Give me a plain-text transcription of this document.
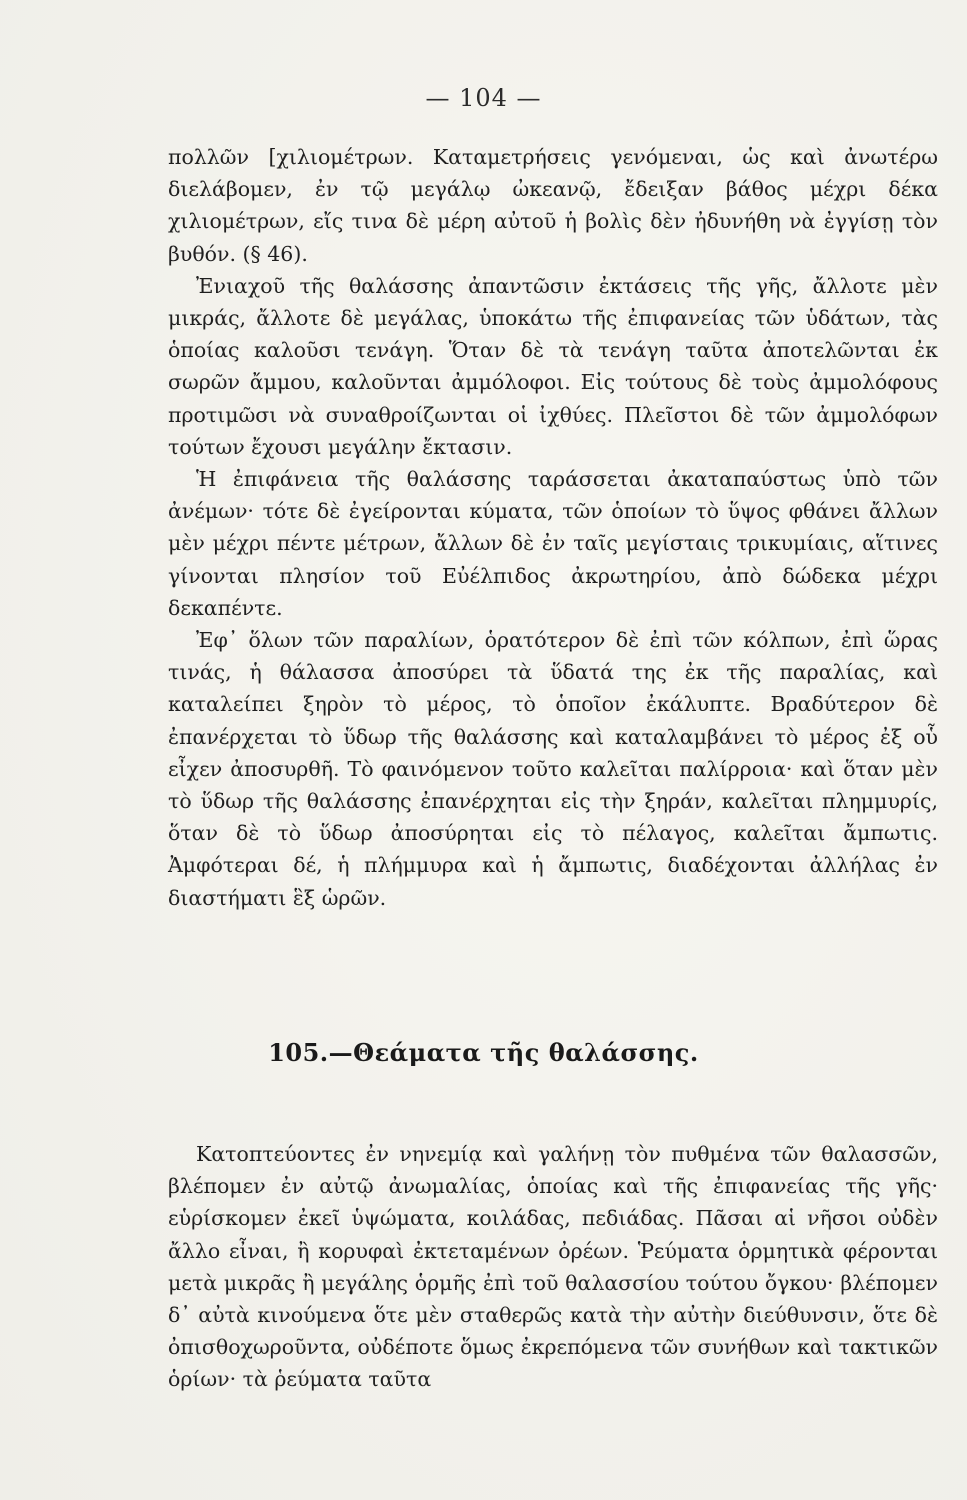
— 104 —

πολλῶν [χιλιομέτρων. Καταμετρήσεις γενόμεναι, ὡς καὶ ἀνωτέρω διελάβομεν, ἐν τῷ μεγάλῳ ὠκεανῷ, ἔδειξαν βάθος μέχρι δέκα χιλιομέτρων, εἴς τινα δὲ μέρη αὐτοῦ ἡ βολὶς δὲν ἠδυνήθη νὰ ἐγγίσῃ τὸν βυθόν. (§ 46).

Ἐνιαχοῦ τῆς θαλάσσης ἀπαντῶσιν ἐκτάσεις τῆς γῆς, ἄλλοτε μὲν μικράς, ἄλλοτε δὲ μεγάλας, ὑποκάτω τῆς ἐπιφανείας τῶν ὑδάτων, τὰς ὁποίας καλοῦσι τενάγη. Ὅταν δὲ τὰ τενάγη ταῦτα ἀποτελῶνται ἐκ σωρῶν ἄμμου, καλοῦνται ἀμμόλοφοι. Εἰς τούτους δὲ τοὺς ἀμμολόφους προτιμῶσι νὰ συναθροίζωνται οἱ ἰχθύες. Πλεῖστοι δὲ τῶν ἀμμολόφων τούτων ἔχουσι μεγάλην ἔκτασιν.

Ἡ ἐπιφάνεια τῆς θαλάσσης ταράσσεται ἀκαταπαύστως ὑπὸ τῶν ἀνέμων· τότε δὲ ἐγείρονται κύματα, τῶν ὁποίων τὸ ὕψος φθάνει ἄλλων μὲν μέχρι πέντε μέτρων, ἄλλων δὲ ἐν ταῖς μεγίσταις τρικυμίαις, αἵτινες γίνονται πλησίον τοῦ Εὐέλπιδος ἀκρωτηρίου, ἀπὸ δώδεκα μέχρι δεκαπέντε.

Ἐφ᾽ ὅλων τῶν παραλίων, ὁρατότερον δὲ ἐπὶ τῶν κόλπων, ἐπὶ ὥρας τινάς, ἡ θάλασσα ἀποσύρει τὰ ὕδατά της ἐκ τῆς παραλίας, καὶ καταλείπει ξηρὸν τὸ μέρος, τὸ ὁποῖον ἐκάλυπτε. Βραδύτερον δὲ ἐπανέρχεται τὸ ὕδωρ τῆς θαλάσσης καὶ καταλαμβάνει τὸ μέρος ἐξ οὗ εἶχεν ἀποσυρθῆ. Τὸ φαινόμενον τοῦτο καλεῖται παλίρροια· καὶ ὅταν μὲν τὸ ὕδωρ τῆς θαλάσσης ἐπανέρχηται εἰς τὴν ξηράν, καλεῖται πλημμυρίς, ὅταν δὲ τὸ ὕδωρ ἀποσύρηται εἰς τὸ πέλαγος, καλεῖται ἄμπωτις. Ἀμφότεραι δέ, ἡ πλήμμυρα καὶ ἡ ἄμπωτις, διαδέχονται ἀλλήλας ἐν διαστήματι ἓξ ὡρῶν.

105.—Θεάματα τῆς θαλάσσης.

Κατοπτεύοντες ἐν νηνεμίᾳ καὶ γαλήνῃ τὸν πυθμένα τῶν θαλασσῶν, βλέπομεν ἐν αὐτῷ ἀνωμαλίας, ὁποίας καὶ τῆς ἐπιφανείας τῆς γῆς· εὑρίσκομεν ἐκεῖ ὑψώματα, κοιλάδας, πεδιάδας. Πᾶσαι αἱ νῆσοι οὐδὲν ἄλλο εἶναι, ἢ κορυφαὶ ἐκτεταμένων ὀρέων. Ῥεύματα ὁρμητικὰ φέρονται μετὰ μικρᾶς ἢ μεγάλης ὁρμῆς ἐπὶ τοῦ θαλασσίου τούτου ὄγκου· βλέπομεν δ᾽ αὐτὰ κινούμενα ὅτε μὲν σταθερῶς κατὰ τὴν αὐτὴν διεύθυνσιν, ὅτε δὲ ὀπισθοχωροῦντα, οὐδέποτε ὅμως ἐκρεπόμενα τῶν συνήθων καὶ τακτικῶν ὁρίων· τὰ ῥεύματα ταῦτα
